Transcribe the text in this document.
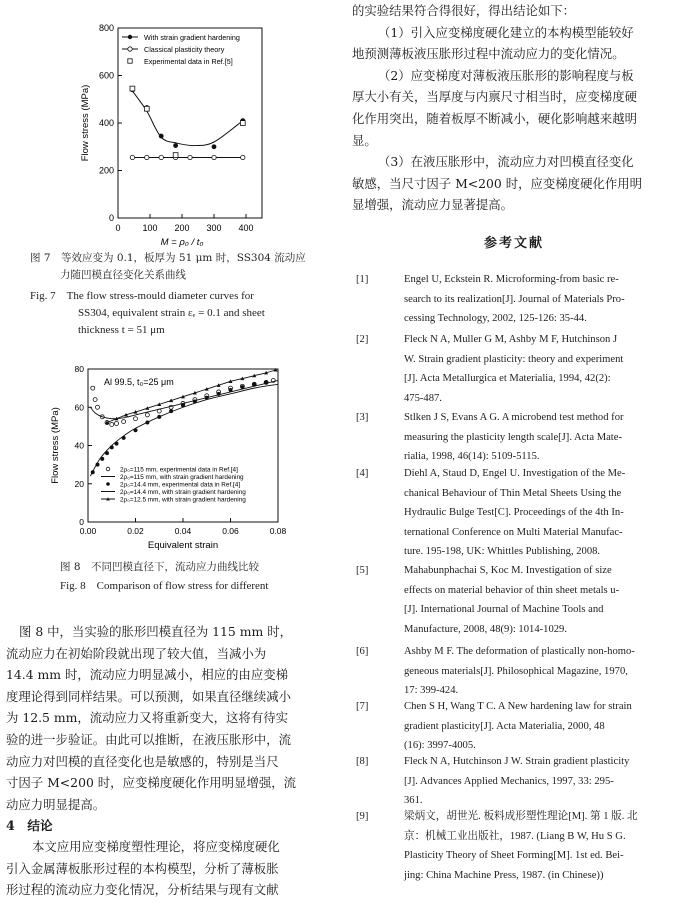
0 100 200 300 400
0
200
400
600
800
M = ρ₀ / t₀
Flow stress (MPa)
With strain gradient hardening
Classical plasticity theory
Experimental data in Ref.[5]
图 7　等效应变为 0.1，板厚为 51 μm 时，SS304 流动应
力随凹模直径变化关系曲线
Fig. 7　The flow stress-mould diameter curves for
SS304, equivalent strain εₑ = 0.1 and sheet
thickness t = 51 μm
0.00	0.02	0.04	0.06	0.08
0
20
40
60
80
Equivalent strain
Flow stress (MPa)
Al 99.5, t₀=25 μm
2ρ₀=115 mm, experimental data in Ref.[4]
2ρ₀=115 mm, with strain gradient hardening
2ρ₀=14.4 mm, experimental data in Ref.[4]
2ρ₀=14.4 mm, with strain gradient hardening
2ρ₀=12.5 mm, with strain gradient hardening
图 8　不同凹模直径下，流动应力曲线比较
Fig. 8　Comparison of flow stress for different
图 8 中，当实验的胀形凹模直径为 115 mm 时，
流动应力在初始阶段就出现了较大值，当减小为
14.4 mm 时，流动应力明显减小，相应的由应变梯
度理论得到同样结果。可以预测，如果直径继续减小
为 12.5 mm，流动应力又将重新变大，这将有待实
验的进一步验证。由此可以推断，在液压胀形中，流
动应力对凹模的直径变化也是敏感的，特别是当尺
寸因子 M<200 时，应变梯度硬化作用明显增强，流
动应力明显提高。
4　结论
本文应用应变梯度塑性理论，将应变梯度硬化
引入金属薄板胀形过程的本构模型，分析了薄板胀
形过程的流动应力变化情况，分析结果与现有文献
的实验结果符合得很好，得出结论如下：
（1）引入应变梯度硬化建立的本构模型能较好
地预测薄板液压胀形过程中流动应力的变化情况。
（2）应变梯度对薄板液压胀形的影响程度与板
厚大小有关，当厚度与内禀尺寸相当时，应变梯度硬
化作用突出，随着板厚不断减小，硬化影响越来越明
显。
（3）在液压胀形中，流动应力对凹模直径变化
敏感，当尺寸因子 M<200 时，应变梯度硬化作用明
显增强，流动应力显著提高。
参考文献
[1]	Engel U, Eckstein R. Microforming-from basic re-
search to its realization[J]. Journal of Materials Pro-
cessing Technology, 2002, 125-126: 35-44.
[2]	Fleck N A, Muller G M, Ashby M F, Hutchinson J
W. Strain gradient plasticity: theory and experiment
[J]. Acta Metallurgica et Materialia, 1994, 42(2):
475-487.
[3]	Stlken J S, Evans A G. A microbend test method for
measuring the plasticity length scale[J]. Acta Mate-
rialia, 1998, 46(14): 5109-5115.
[4]	Diehl A, Staud D, Engel U. Investigation of the Me-
chanical Behaviour of Thin Metal Sheets Using the
Hydraulic Bulge Test[C]. Proceedings of the 4th In-
ternational Conference on Multi Material Manufac-
ture. 195-198, UK: Whittles Publishing, 2008.
[5]	Mahabunphachai S, Koc M. Investigation of size
effects on material behavior of thin sheet metals u-
[J]. International Journal of Machine Tools and
Manufacture, 2008, 48(9): 1014-1029.
[6]	Ashby M F. The deformation of plastically non-homo-
geneous materials[J]. Philosophical Magazine, 1970,
17: 399-424.
[7]	Chen S H, Wang T C. A New hardening law for strain
gradient plasticity[J]. Acta Materialia, 2000, 48
(16): 3997-4005.
[8]	Fleck N A, Hutchinson J W. Strain gradient plasticity
[J]. Advances Applied Mechanics, 1997, 33: 295-
361.
[9]	梁炳文，胡世光. 板料成形塑性理论[M]. 第 1 版. 北
京：机械工业出版社，1987. (Liang B W, Hu S G.
Plasticity Theory of Sheet Forming[M]. 1st ed. Bei-
jing: China Machine Press, 1987. (in Chinese))
